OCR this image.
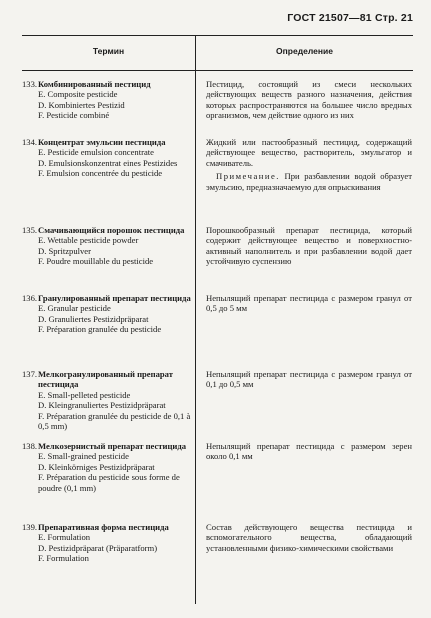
ГОСТ 21507—81 Стр. 21
Термин	Определение
133. Комбинированный пестицид
E. Composite pesticide
D. Kombiniertes Pestizid
F. Pesticide combiné
Пестицид, состоящий из смеси нескольких действующих веществ разного назначения, действия которых распространяются на большее число вредных организмов, чем действие одного из них
134. Концентрат эмульсии пестицида
E. Pesticide emulsion concentrate
D. Emulsionskonzentrat eines Pestizides
F. Emulsion concentrée du pesticide
Жидкий или пастообразный пестицид, содержащий действующее вещество, растворитель, эмульгатор и смачиватель.
Примечание. При разбавлении водой образует эмульсию, предназначаемую для опрыскивания
135. Смачивающийся порошок пестицида
E. Wettable pesticide powder
D. Spritzpulver
F. Poudre mouillable du pesticide
Порошкообразный препарат пестицида, который содержит действующее вещество и поверхностно-активный наполнитель и при разбавлении водой дает устойчивую суспензию
136. Гранулированный препарат пестицида
E. Granular pesticide
D. Granuliertes Pestizidpräparat
F. Préparation granulée du pesticide
Непылящий препарат пестицида с размером гранул от 0,5 до 5 мм
137. Мелкогранулированный препарат пестицида
E. Small-pelleted pesticide
D. Kleingranuliertes Pestizidpräparat
F. Préparation granulée du pesticide de 0,1 à 0,5 mm)
Непылящий препарат пестицида с размером гранул от 0,1 до 0,5 мм
138. Мелкозернистый препарат пестицида
E. Small-grained pesticide
D. Kleinkörniges Pestizidpräparat
F. Préparation du pesticide sous forme de poudre (0,1 mm)
Непылящий препарат пестицида с размером зерен около 0,1 мм
139. Препаративная форма пестицида
E. Formulation
D. Pestizidpräparat (Präparatform)
F. Formulation
Состав действующего вещества пестицида и вспомогательного вещества, обладающий установленными физико-химическими свойствами
